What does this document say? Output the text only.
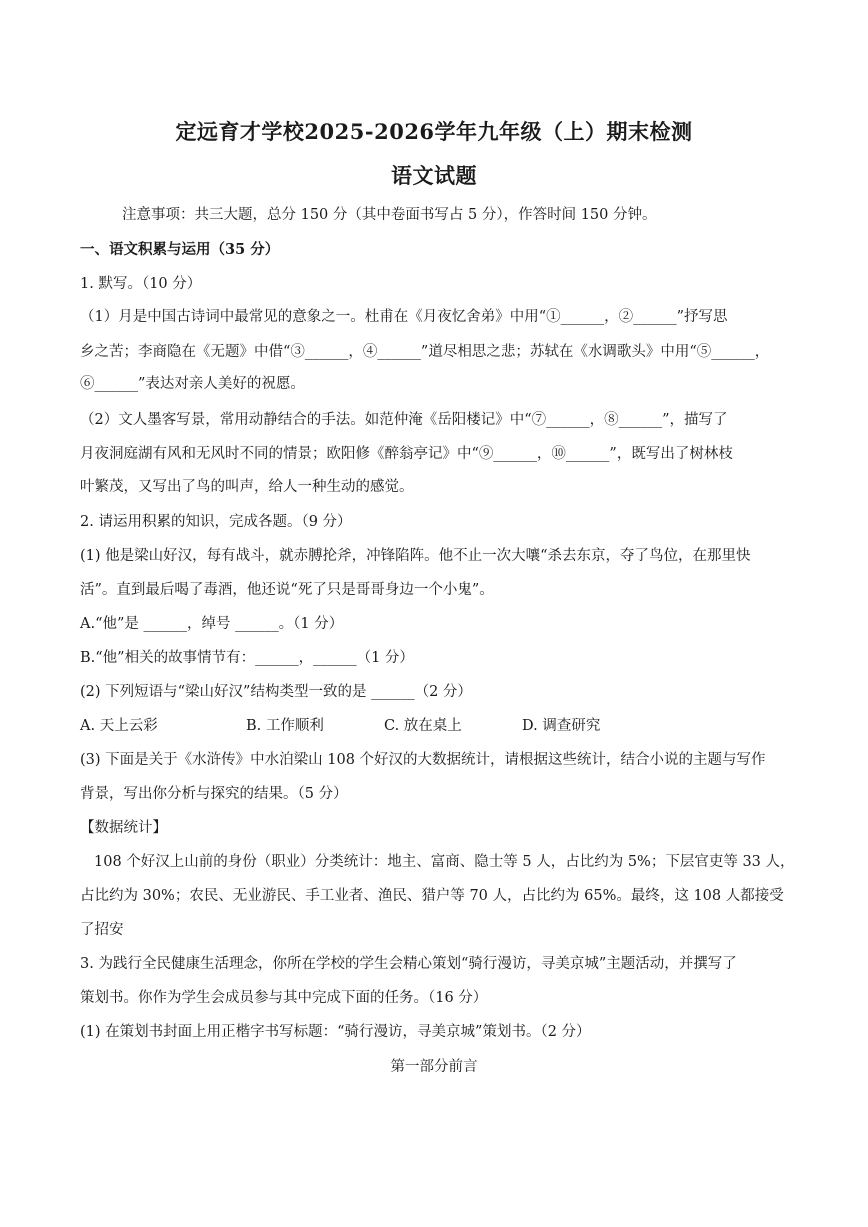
定远育才学校2025-2026学年九年级（上）期末检测
语文试题
注意事项：共三大题，总分 150 分（其中卷面书写占 5 分），作答时间 150 分钟。
一、语文积累与运用（35 分）
1. 默写。（10 分）
（1）月是中国古诗词中最常见的意象之一。杜甫在《月夜忆舍弟》中用“①______，②______”抒写思
乡之苦；李商隐在《无题》中借“③______，④______”道尽相思之悲；苏轼在《水调歌头》中用“⑤______，
⑥______”表达对亲人美好的祝愿。
（2）文人墨客写景，常用动静结合的手法。如范仲淹《岳阳楼记》中“⑦______，⑧______”，描写了
月夜洞庭湖有风和无风时不同的情景；欧阳修《醉翁亭记》中“⑨______，⑩______”，既写出了树林枝
叶繁茂，又写出了鸟的叫声，给人一种生动的感觉。
2. 请运用积累的知识，完成各题。（9 分）
(1) 他是梁山好汉，每有战斗，就赤膊抡斧，冲锋陷阵。他不止一次大嚷“杀去东京，夺了鸟位，在那里快
活”。直到最后喝了毒酒，他还说“死了只是哥哥身边一个小鬼”。
A.“他”是 ______，绰号 ______。（1 分）
B.“他”相关的故事情节有：______，______（1 分）
(2) 下列短语与“梁山好汉”结构类型一致的是 ______（2 分）
A. 天上云彩	B. 工作顺利	C. 放在桌上	D. 调查研究
(3) 下面是关于《水浒传》中水泊梁山 108 个好汉的大数据统计，请根据这些统计，结合小说的主题与写作
背景，写出你分析与探究的结果。（5 分）
【数据统计】
108 个好汉上山前的身份（职业）分类统计：地主、富商、隐士等 5 人，占比约为 5%；下层官吏等 33 人，
占比约为 30%；农民、无业游民、手工业者、渔民、猎户等 70 人，占比约为 65%。最终，这 108 人都接受
了招安
3. 为践行全民健康生活理念，你所在学校的学生会精心策划“骑行漫访，寻美京城”主题活动，并撰写了
策划书。你作为学生会成员参与其中完成下面的任务。（16 分）
(1) 在策划书封面上用正楷字书写标题：“骑行漫访，寻美京城”策划书。（2 分）
第一部分前言
